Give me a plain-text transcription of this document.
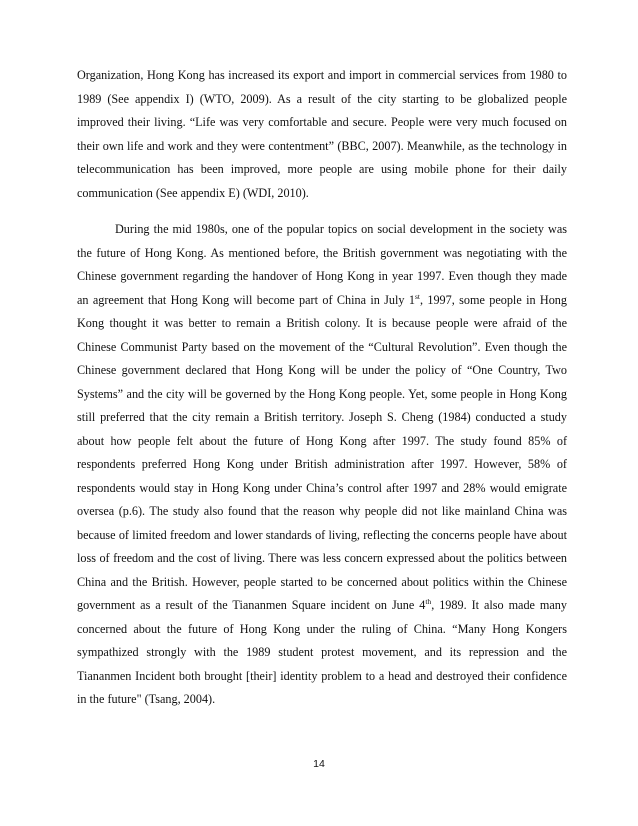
Organization, Hong Kong has increased its export and import in commercial services from 1980 to 1989 (See appendix I) (WTO, 2009). As a result of the city starting to be globalized people improved their living. “Life was very comfortable and secure. People were very much focused on their own life and work and they were contentment” (BBC, 2007). Meanwhile, as the technology in telecommunication has been improved, more people are using mobile phone for their daily communication (See appendix E) (WDI, 2010).

During the mid 1980s, one of the popular topics on social development in the society was the future of Hong Kong. As mentioned before, the British government was negotiating with the Chinese government regarding the handover of Hong Kong in year 1997. Even though they made an agreement that Hong Kong will become part of China in July 1st, 1997, some people in Hong Kong thought it was better to remain a British colony. It is because people were afraid of the Chinese Communist Party based on the movement of the “Cultural Revolution”. Even though the Chinese government declared that Hong Kong will be under the policy of “One Country, Two Systems” and the city will be governed by the Hong Kong people. Yet, some people in Hong Kong still preferred that the city remain a British territory. Joseph S. Cheng (1984) conducted a study about how people felt about the future of Hong Kong after 1997. The study found 85% of respondents preferred Hong Kong under British administration after 1997. However, 58% of respondents would stay in Hong Kong under China’s control after 1997 and 28% would emigrate oversea (p.6). The study also found that the reason why people did not like mainland China was because of limited freedom and lower standards of living, reflecting the concerns people have about loss of freedom and the cost of living. There was less concern expressed about the politics between China and the British. However, people started to be concerned about politics within the Chinese government as a result of the Tiananmen Square incident on June 4th, 1989. It also made many concerned about the future of Hong Kong under the ruling of China. “Many Hong Kongers sympathized strongly with the 1989 student protest movement, and its repression and the Tiananmen Incident both brought [their] identity problem to a head and destroyed their confidence in the future" (Tsang, 2004).

14
